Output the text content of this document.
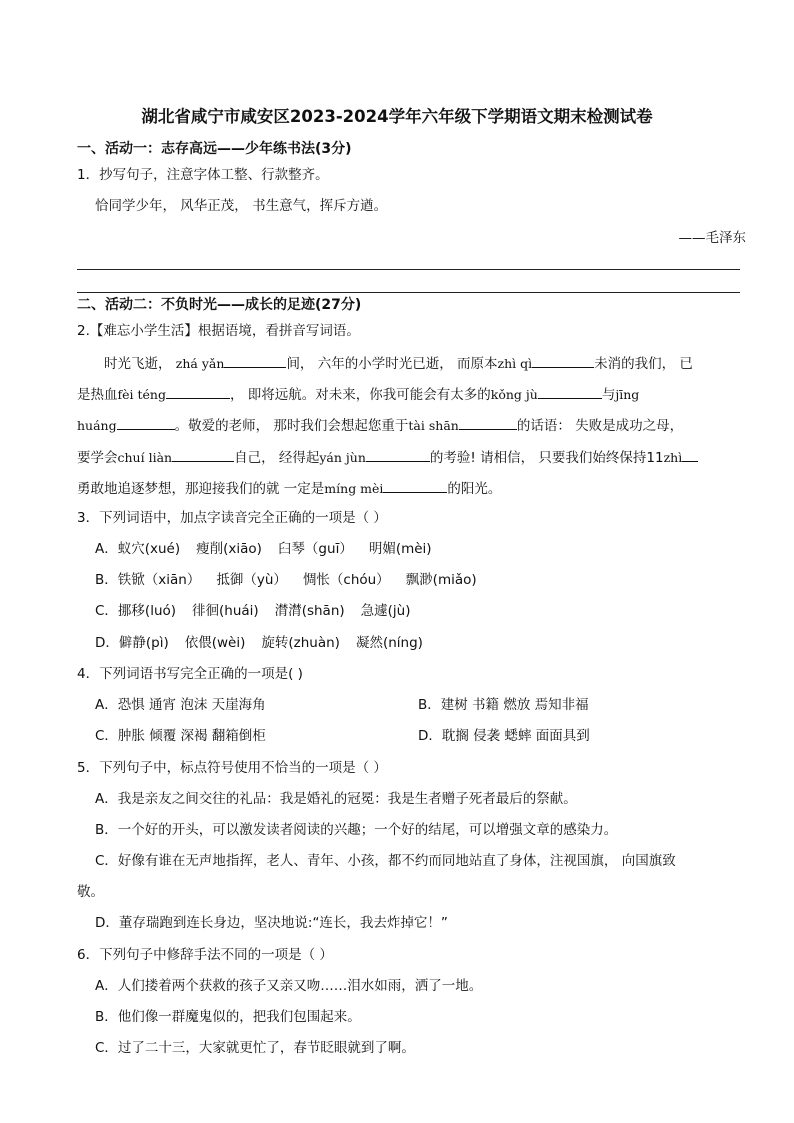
湖北省咸宁市咸安区2023-2024学年六年级下学期语文期末检测试卷
一、活动一：志存高远——少年练书法(3分)
1．抄写句子，注意字体工整、行款整齐。
恰同学少年， 风华正茂， 书生意气，挥斥方遒。
——毛泽东
二、活动二：不负时光——成长的足迹(27分)
2.【难忘小学生活】根据语境，看拼音写词语。
时光飞逝， zhá yǎn	间， 六年的小学时光已逝， 而原本zhì qì	未消的我们， 已
是热血fèi téng	， 即将远航。对未来，你我可能会有太多的kǒng jù	与jīng
huáng	。敬爱的老师， 那时我们会想起您重于tài shān	的话语： 失败是成功之母，
要学会chuí liàn	自己， 经得起yán jùn	的考验! 请相信， 只要我们始终保持11zhì
勇敢地追逐梦想，那迎接我们的就 一定是míng mèi	的阳光。
3．下列词语中，加点字读音完全正确的一项是（ ）
A．蚁穴(xué) 瘦削(xiāo) 臼琴（guī） 明媚(mèi)
B．铁锨（xiān） 抵御（yù） 惆怅（chóu） 飘渺(miǎo)
C．挪移(luó) 徘徊(huái) 潸潸(shān) 急遽(jù)
D．僻静(pì) 依偎(wèi) 旋转(zhuàn) 凝然(níng)
4．下列词语书写完全正确的一项是( )
A．恐惧 通宵 泡沫 天崖海角	B．建树 书籍 燃放 焉知非福
C．肿胀 倾覆 深褐 翻箱倒柜	D．耽搁 侵袭 蟋蟀 面面具到
5．下列句子中，标点符号使用不恰当的一项是（ ）
A．我是亲友之间交往的礼品：我是婚礼的冠冕：我是生者赠子死者最后的祭献。
B．一个好的开头，可以激发读者阅读的兴趣；一个好的结尾，可以增强文章的感染力。
C．好像有谁在无声地指挥，老人、青年、小孩，都不约而同地站直了身体，注视国旗， 向国旗致
敬。
D．董存瑞跑到连长身边，坚决地说:“连长，我去炸掉它！”
6．下列句子中修辞手法不同的一项是（ ）
A．人们搂着两个获救的孩子又亲又吻……泪水如雨，洒了一地。
B．他们像一群魔鬼似的，把我们包围起来。
C．过了二十三，大家就更忙了，春节眨眼就到了啊。
